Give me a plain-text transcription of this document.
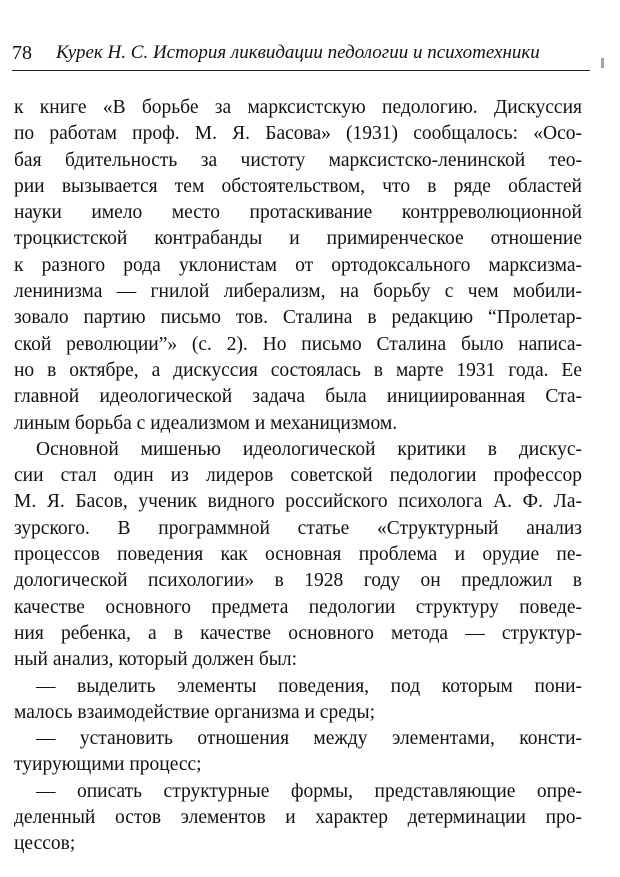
78 Курек Н. С. История ликвидации педологии и психотехники
к книге «В борьбе за марксистскую педологию. Дискуссия
по работам проф. М. Я. Басова» (1931) сообщалось: «Осо-
бая бдительность за чистоту марксистско-ленинской тео-
рии вызывается тем обстоятельством, что в ряде областей
науки имело место протаскивание контрреволюционной
троцкистской контрабанды и примиренческое отношение
к разного рода уклонистам от ортодоксального марксизма-
ленинизма — гнилой либерализм, на борьбу с чем мобили-
зовало партию письмо тов. Сталина в редакцию “Пролетар-
ской революции”» (с. 2). Но письмо Сталина было написа-
но в октябре, а дискуссия состоялась в марте 1931 года. Ее
главной идеологической задача была инициированная Ста-
линым борьба с идеализмом и механицизмом.
Основной мишенью идеологической критики в дискус-
сии стал один из лидеров советской педологии профессор
М. Я. Басов, ученик видного российского психолога А. Ф. Ла-
зурского. В программной статье «Структурный анализ
процессов поведения как основная проблема и орудие пе-
дологической психологии» в 1928 году он предложил в
качестве основного предмета педологии структуру поведе-
ния ребенка, а в качестве основного метода — структур-
ный анализ, который должен был:
— выделить элементы поведения, под которым пони-
малось взаимодействие организма и среды;
— установить отношения между элементами, консти-
туирующими процесс;
— описать структурные формы, представляющие опре-
деленный остов элементов и характер детерминации про-
цессов;
